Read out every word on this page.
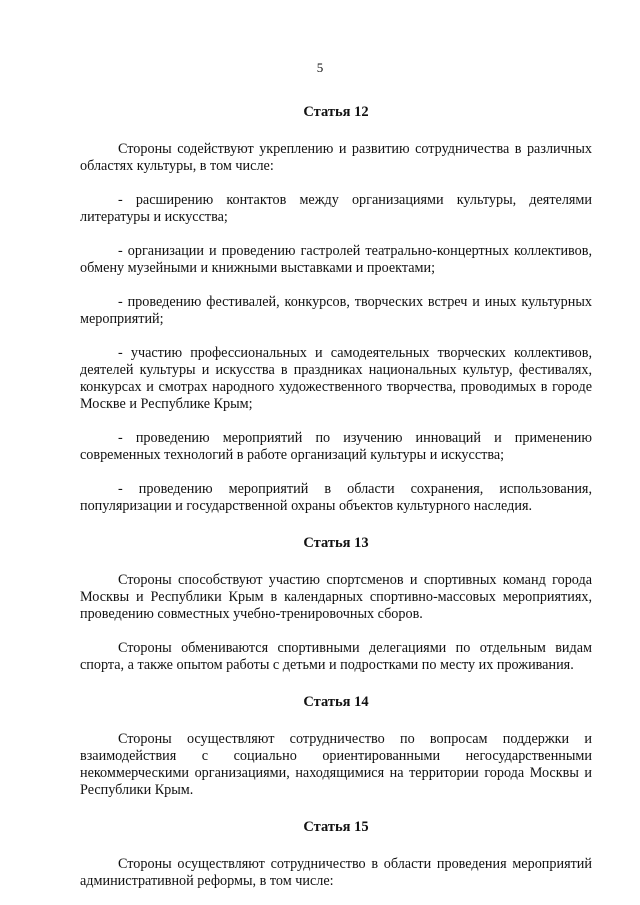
5

Статья 12

Стороны содействуют укреплению и развитию сотрудничества в различных областях культуры, в том числе:

- расширению контактов между организациями культуры, деятелями литературы и искусства;

- организации и проведению гастролей театрально-концертных коллективов, обмену музейными и книжными выставками и проектами;

- проведению фестивалей, конкурсов, творческих встреч и иных культурных мероприятий;

- участию профессиональных и самодеятельных творческих коллективов, деятелей культуры и искусства в праздниках национальных культур, фестивалях, конкурсах и смотрах народного художественного творчества, проводимых в городе Москве и Республике Крым;

- проведению мероприятий по изучению инноваций и применению современных технологий в работе организаций культуры и искусства;

- проведению мероприятий в области сохранения, использования, популяризации и государственной охраны объектов культурного наследия.

Статья 13

Стороны способствуют участию спортсменов и спортивных команд города Москвы и Республики Крым в календарных спортивно-массовых мероприятиях, проведению совместных учебно-тренировочных сборов.

Стороны обмениваются спортивными делегациями по отдельным видам спорта, а также опытом работы с детьми и подростками по месту их проживания.

Статья 14

Стороны осуществляют сотрудничество по вопросам поддержки и взаимодействия с социально ориентированными негосударственными некоммерческими организациями, находящимися на территории города Москвы и Республики Крым.

Статья 15

Стороны осуществляют сотрудничество в области проведения мероприятий административной реформы, в том числе:
